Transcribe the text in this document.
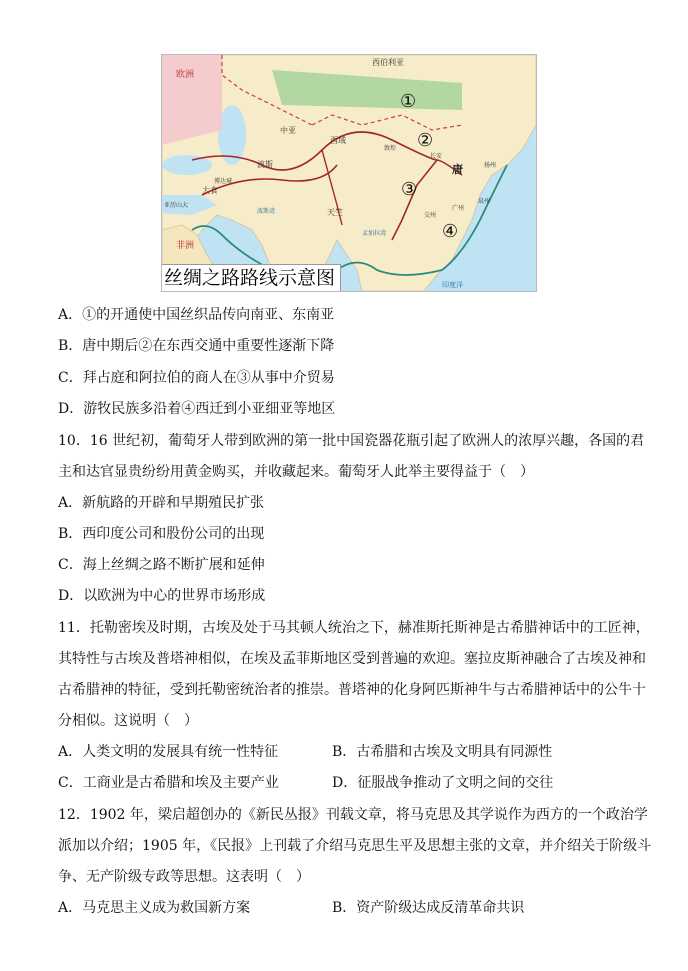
西伯利亚
欧洲
非洲
中亚
波斯
大食
天竺
唐
长安
扬州
泉州
广州
交州
博达城
亚历山大
敦煌
西域
波斯湾
孟加拉湾
印度洋
①
②
③
④
丝绸之路路线示意图
A．①的开通使中国丝织品传向南亚、东南亚
B．唐中期后②在东西交通中重要性逐渐下降
C．拜占庭和阿拉伯的商人在③从事中介贸易
D．游牧民族多沿着④西迁到小亚细亚等地区
10．16 世纪初，葡萄牙人带到欧洲的第一批中国瓷器花瓶引起了欧洲人的浓厚兴趣，各国的君
主和达官显贵纷纷用黄金购买，并收藏起来。葡萄牙人此举主要得益于（　）
A．新航路的开辟和早期殖民扩张
B．西印度公司和股份公司的出现
C．海上丝绸之路不断扩展和延伸
D．以欧洲为中心的世界市场形成
11．托勒密埃及时期，古埃及处于马其顿人统治之下，赫准斯托斯神是古希腊神话中的工匠神，
其特性与古埃及普塔神相似，在埃及孟菲斯地区受到普遍的欢迎。塞拉皮斯神融合了古埃及神和
古希腊神的特征，受到托勒密统治者的推崇。普塔神的化身阿匹斯神牛与古希腊神话中的公牛十
分相似。这说明（　）
A．人类文明的发展具有统一性特征	B．古希腊和古埃及文明具有同源性
C．工商业是古希腊和埃及主要产业	D．征服战争推动了文明之间的交往
12．1902 年，梁启超创办的《新民丛报》刊载文章，将马克思及其学说作为西方的一个政治学
派加以介绍；1905 年，《民报》上刊载了介绍马克思生平及思想主张的文章，并介绍关于阶级斗
争、无产阶级专政等思想。这表明（　）
A．马克思主义成为救国新方案	B．资产阶级达成反清革命共识
